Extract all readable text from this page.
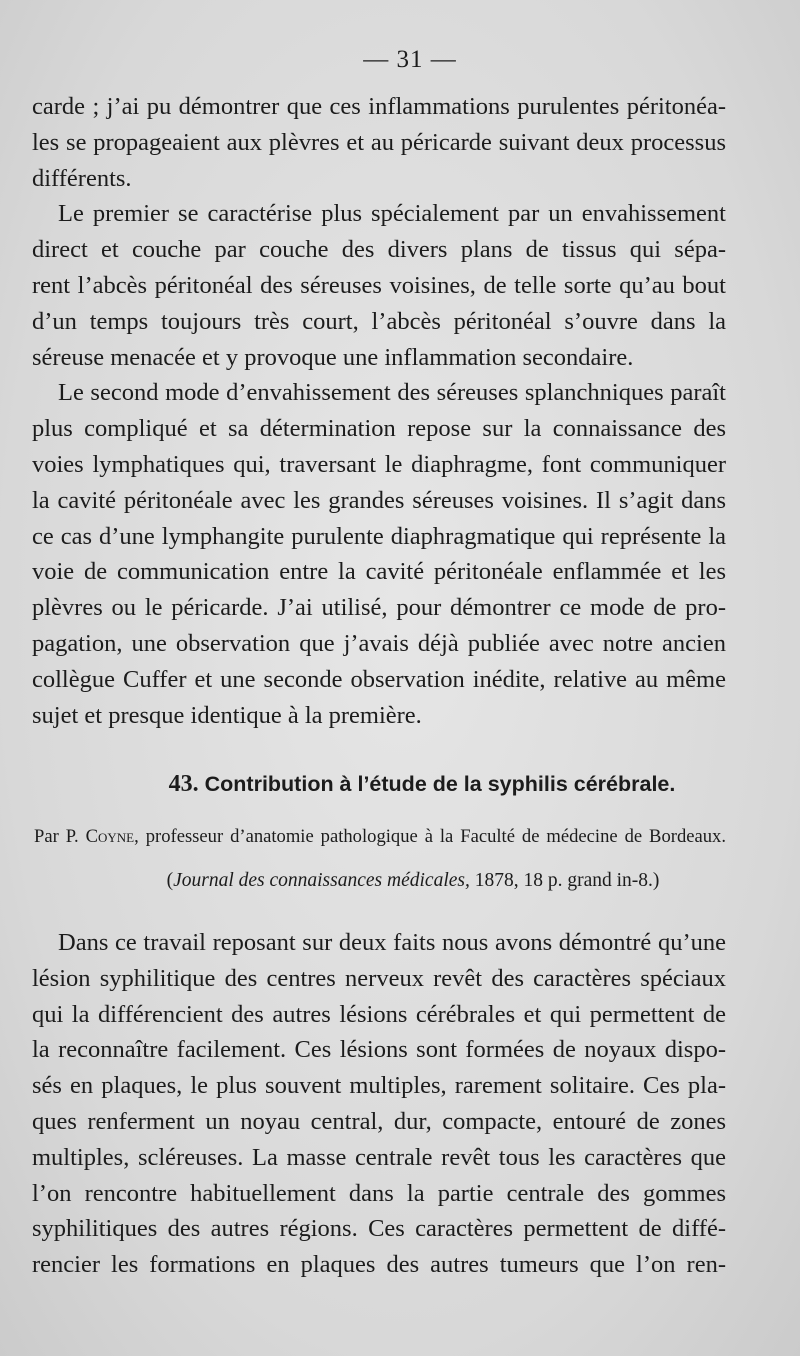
— 31 —
carde ; j’ai pu démontrer que ces inflammations purulentes péritonéa-
les se propageaient aux plèvres et au péricarde suivant deux processus
différents.
Le premier se caractérise plus spécialement par un envahissement
direct et couche par couche des divers plans de tissus qui sépa-
rent l’abcès péritonéal des séreuses voisines, de telle sorte qu’au bout
d’un temps toujours très court, l’abcès péritonéal s’ouvre dans la
séreuse menacée et y provoque une inflammation secondaire.
Le second mode d’envahissement des séreuses splanchniques paraît
plus compliqué et sa détermination repose sur la connaissance des
voies lymphatiques qui, traversant le diaphragme, font communiquer
la cavité péritonéale avec les grandes séreuses voisines. Il s’agit dans
ce cas d’une lymphangite purulente diaphragmatique qui représente la
voie de communication entre la cavité péritonéale enflammée et les
plèvres ou le péricarde. J’ai utilisé, pour démontrer ce mode de pro-
pagation, une observation que j’avais déjà publiée avec notre ancien
collègue Cuffer et une seconde observation inédite, relative au même
sujet et presque identique à la première.
43. Contribution à l’étude de la syphilis cérébrale.
Par P. Coyne, professeur d’anatomie pathologique à la Faculté de médecine de Bordeaux.
(Journal des connaissances médicales, 1878, 18 p. grand in-8.)
Dans ce travail reposant sur deux faits nous avons démontré qu’une
lésion syphilitique des centres nerveux revêt des caractères spéciaux
qui la différencient des autres lésions cérébrales et qui permettent de
la reconnaître facilement. Ces lésions sont formées de noyaux dispo-
sés en plaques, le plus souvent multiples, rarement solitaire. Ces pla-
ques renferment un noyau central, dur, compacte, entouré de zones
multiples, scléreuses. La masse centrale revêt tous les caractères que
l’on rencontre habituellement dans la partie centrale des gommes
syphilitiques des autres régions. Ces caractères permettent de diffé-
rencier les formations en plaques des autres tumeurs que l’on ren-
